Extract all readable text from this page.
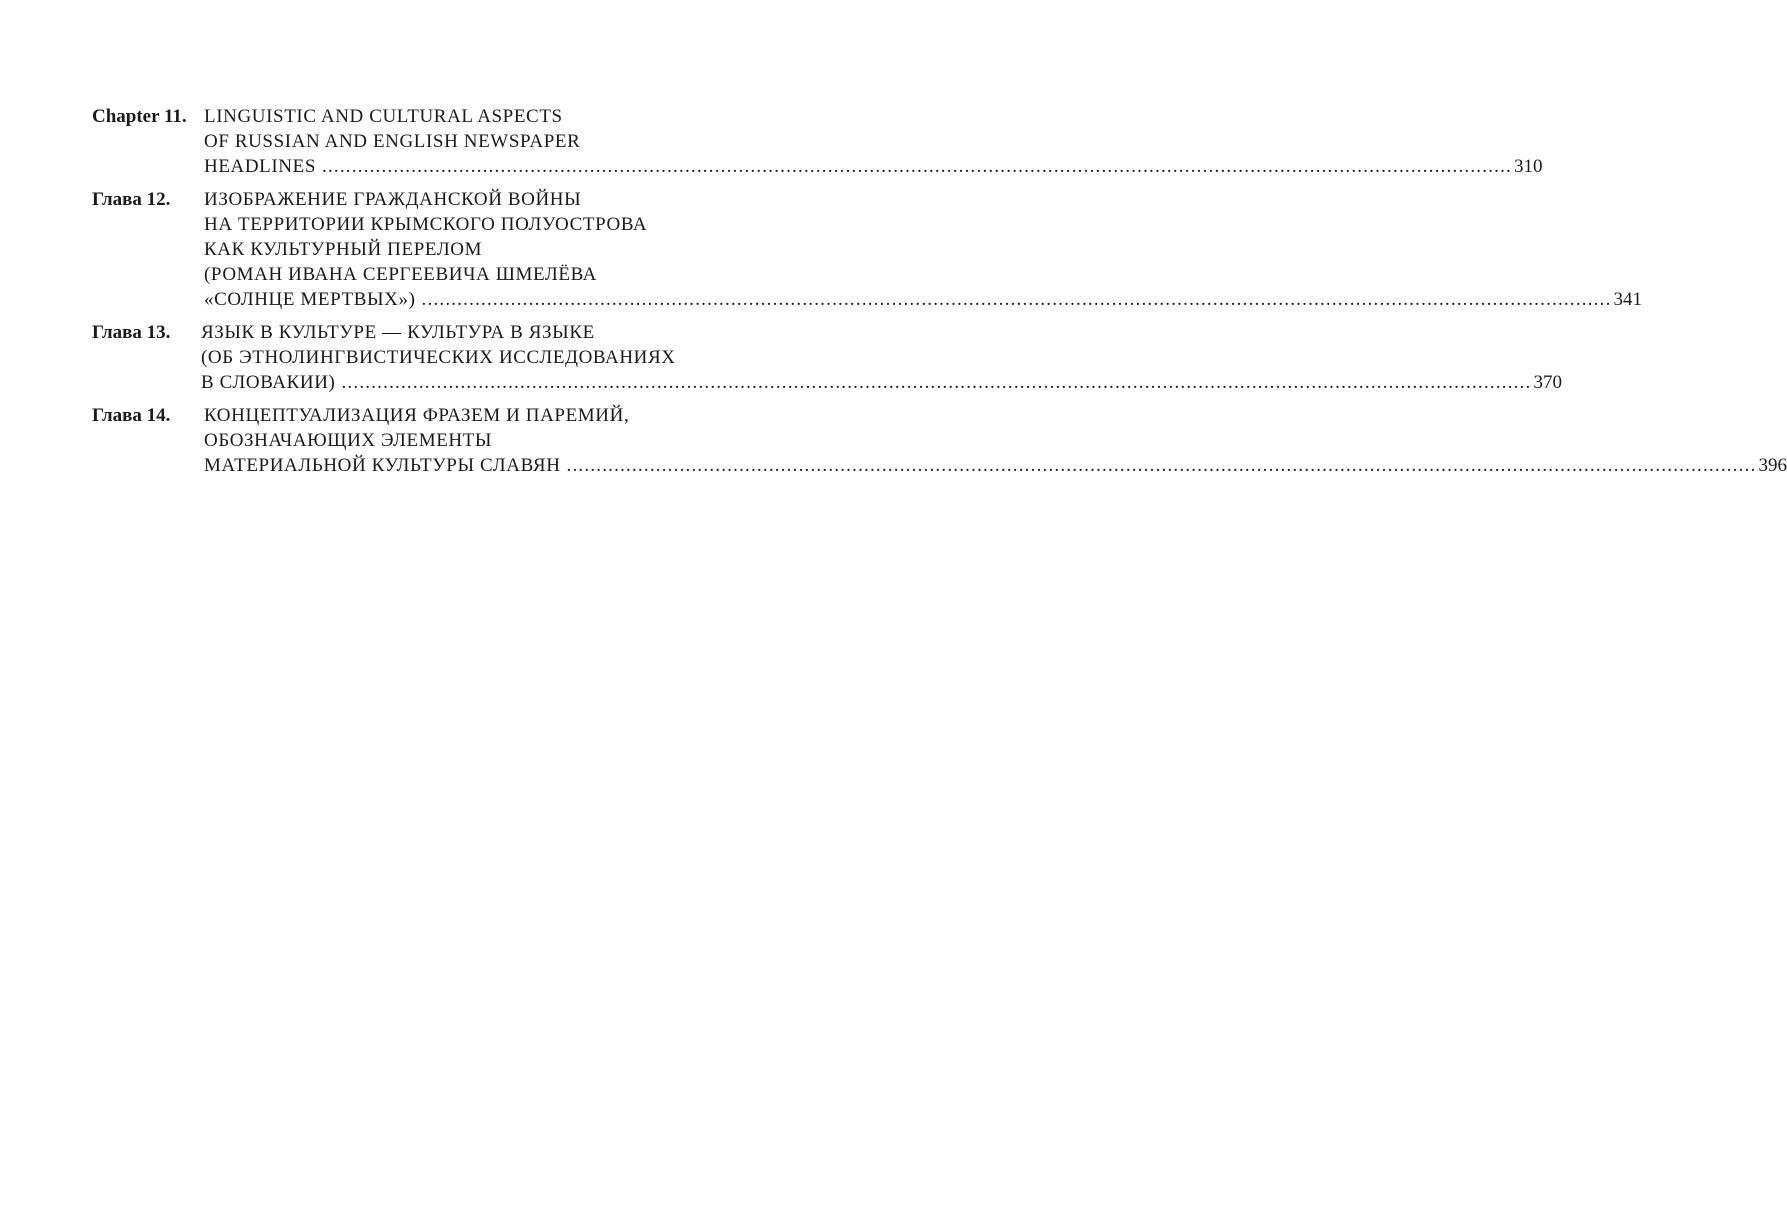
Chapter 11. LINGUISTIC AND CULTURAL ASPECTS
OF RUSSIAN AND ENGLISH NEWSPAPER
HEADLINES .....	310
Глава 12.	ИЗОБРАЖЕНИЕ ГРАЖДАНСКОЙ ВОЙНЫ
НА ТЕРРИТОРИИ КРЫМСКОГО ПОЛУОСТРОВА
КАК КУЛЬТУРНЫЙ ПЕРЕЛОМ
(РОМАН ИВАНА СЕРГЕЕВИЧА ШМЕЛЁВА
«СОЛНЦЕ МЕРТВЫХ») .....	341
Глава 13.	ЯЗЫК В КУЛЬТУРЕ — КУЛЬТУРА В ЯЗЫКЕ
(ОБ ЭТНОЛИНГВИСТИЧЕСКИХ ИССЛЕДОВАНИЯХ
В СЛОВАКИИ) .....	370
Глава 14.	КОНЦЕПТУАЛИЗАЦИЯ ФРАЗЕМ И ПАРЕМИЙ,
ОБОЗНАЧАЮЩИХ ЭЛЕМЕНТЫ
МАТЕРИАЛЬНОЙ КУЛЬТУРЫ СЛАВЯН .....	396
